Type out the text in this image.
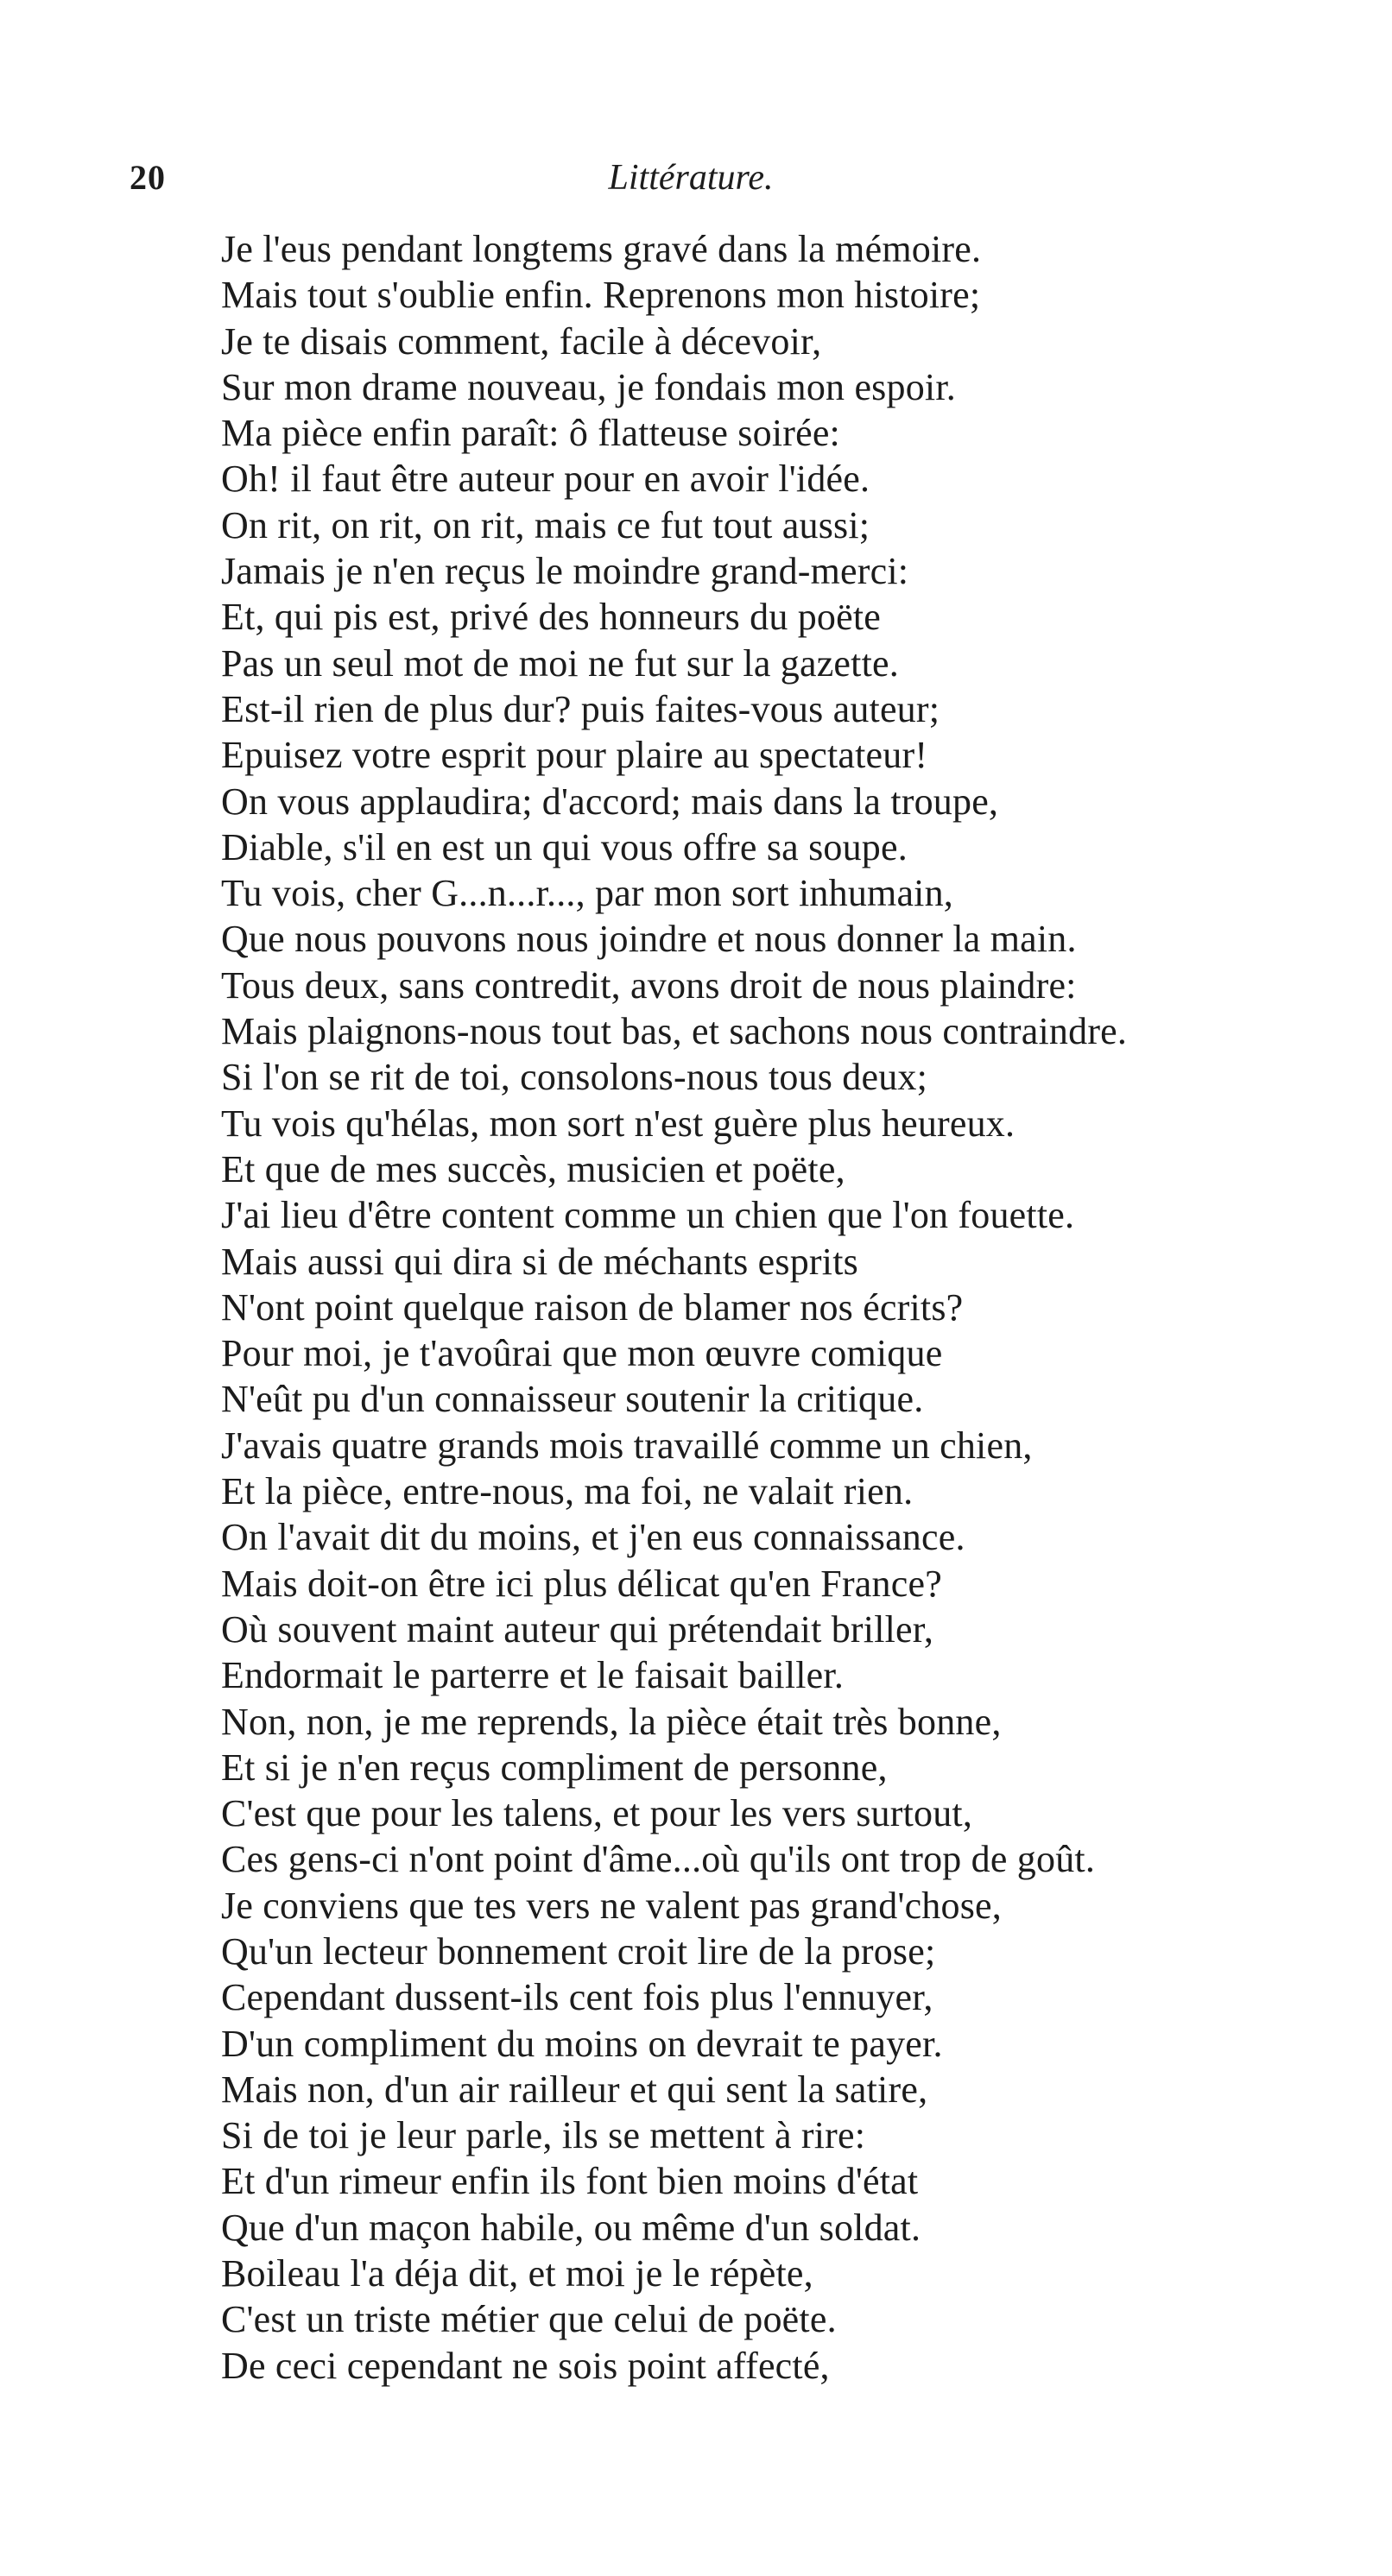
20	Littérature.
Je l'eus pendant longtems gravé dans la mémoire.
Mais tout s'oublie enfin. Reprenons mon histoire;
Je te disais comment, facile à décevoir,
Sur mon drame nouveau, je fondais mon espoir.
Ma pièce enfin paraît: ô flatteuse soirée:
Oh! il faut être auteur pour en avoir l'idée.
On rit, on rit, on rit, mais ce fut tout aussi;
Jamais je n'en reçus le moindre grand-merci:
Et, qui pis est, privé des honneurs du poëte
Pas un seul mot de moi ne fut sur la gazette.
Est-il rien de plus dur? puis faites-vous auteur;
Epuisez votre esprit pour plaire au spectateur!
On vous applaudira; d'accord; mais dans la troupe,
Diable, s'il en est un qui vous offre sa soupe.
Tu vois, cher G...n...r..., par mon sort inhumain,
Que nous pouvons nous joindre et nous donner la main.
Tous deux, sans contredit, avons droit de nous plaindre:
Mais plaignons-nous tout bas, et sachons nous contraindre.
Si l'on se rit de toi, consolons-nous tous deux;
Tu vois qu'hélas, mon sort n'est guère plus heureux.
Et que de mes succès, musicien et poëte,
J'ai lieu d'être content comme un chien que l'on fouette.
Mais aussi qui dira si de méchants esprits
N'ont point quelque raison de blamer nos écrits?
Pour moi, je t'avoûrai que mon œuvre comique
N'eût pu d'un connaisseur soutenir la critique.
J'avais quatre grands mois travaillé comme un chien,
Et la pièce, entre-nous, ma foi, ne valait rien.
On l'avait dit du moins, et j'en eus connaissance.
Mais doit-on être ici plus délicat qu'en France?
Où souvent maint auteur qui prétendait briller,
Endormait le parterre et le faisait bailler.
Non, non, je me reprends, la pièce était très bonne,
Et si je n'en reçus compliment de personne,
C'est que pour les talens, et pour les vers surtout,
Ces gens-ci n'ont point d'âme...où qu'ils ont trop de goût.
Je conviens que tes vers ne valent pas grand'chose,
Qu'un lecteur bonnement croit lire de la prose;
Cependant dussent-ils cent fois plus l'ennuyer,
D'un compliment du moins on devrait te payer.
Mais non, d'un air railleur et qui sent la satire,
Si de toi je leur parle, ils se mettent à rire:
Et d'un rimeur enfin ils font bien moins d'état
Que d'un maçon habile, ou même d'un soldat.
Boileau l'a déja dit, et moi je le répète,
C'est un triste métier que celui de poëte.
De ceci cependant ne sois point affecté,
